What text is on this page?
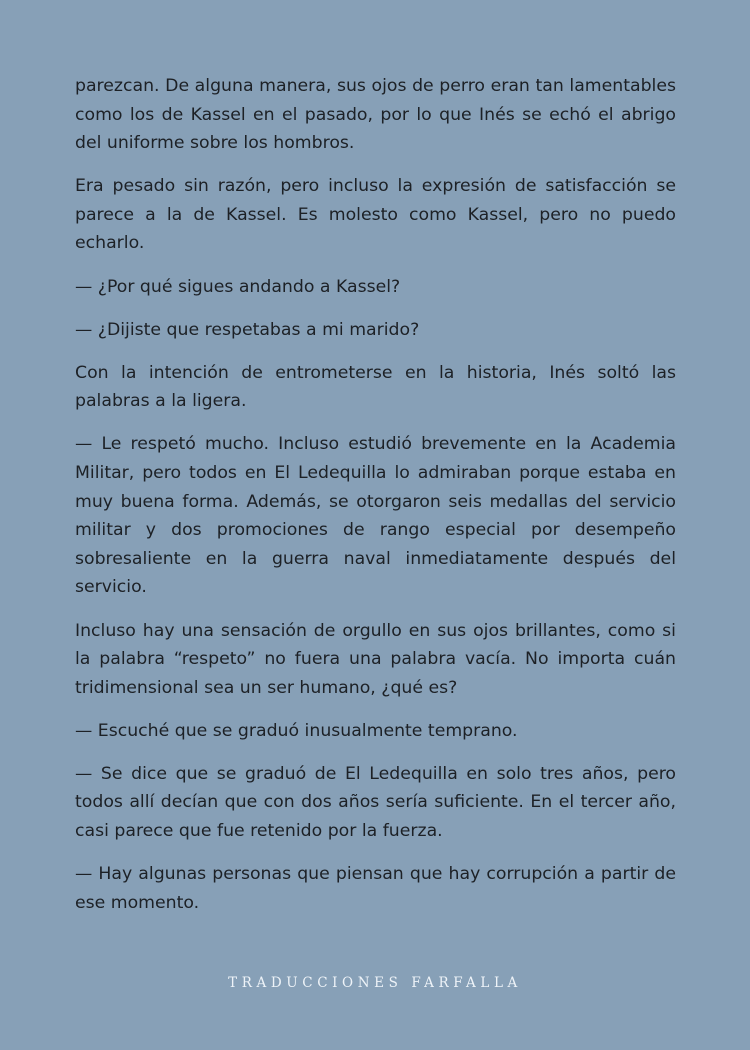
parezcan. De alguna manera, sus ojos de perro eran tan lamentables como los de Kassel en el pasado, por lo que Inés se echó el abrigo del uniforme sobre los hombros.

Era pesado sin razón, pero incluso la expresión de satisfacción se parece a la de Kassel. Es molesto como Kassel, pero no puedo echarlo.

— ¿Por qué sigues andando a Kassel?

— ¿Dijiste que respetabas a mi marido?

Con la intención de entrometerse en la historia, Inés soltó las palabras a la ligera.

— Le respetó mucho. Incluso estudió brevemente en la Academia Militar, pero todos en El Ledequilla lo admiraban porque estaba en muy buena forma. Además, se otorgaron seis medallas del servicio militar y dos promociones de rango especial por desempeño sobresaliente en la guerra naval inmediatamente después del servicio.

Incluso hay una sensación de orgullo en sus ojos brillantes, como si la palabra “respeto” no fuera una palabra vacía. No importa cuán tridimensional sea un ser humano, ¿qué es?

— Escuché que se graduó inusualmente temprano.

— Se dice que se graduó de El Ledequilla en solo tres años, pero todos allí decían que con dos años sería suficiente. En el tercer año, casi parece que fue retenido por la fuerza.

— Hay algunas personas que piensan que hay corrupción a partir de ese momento.

TRADUCCIONES FARFALLA
